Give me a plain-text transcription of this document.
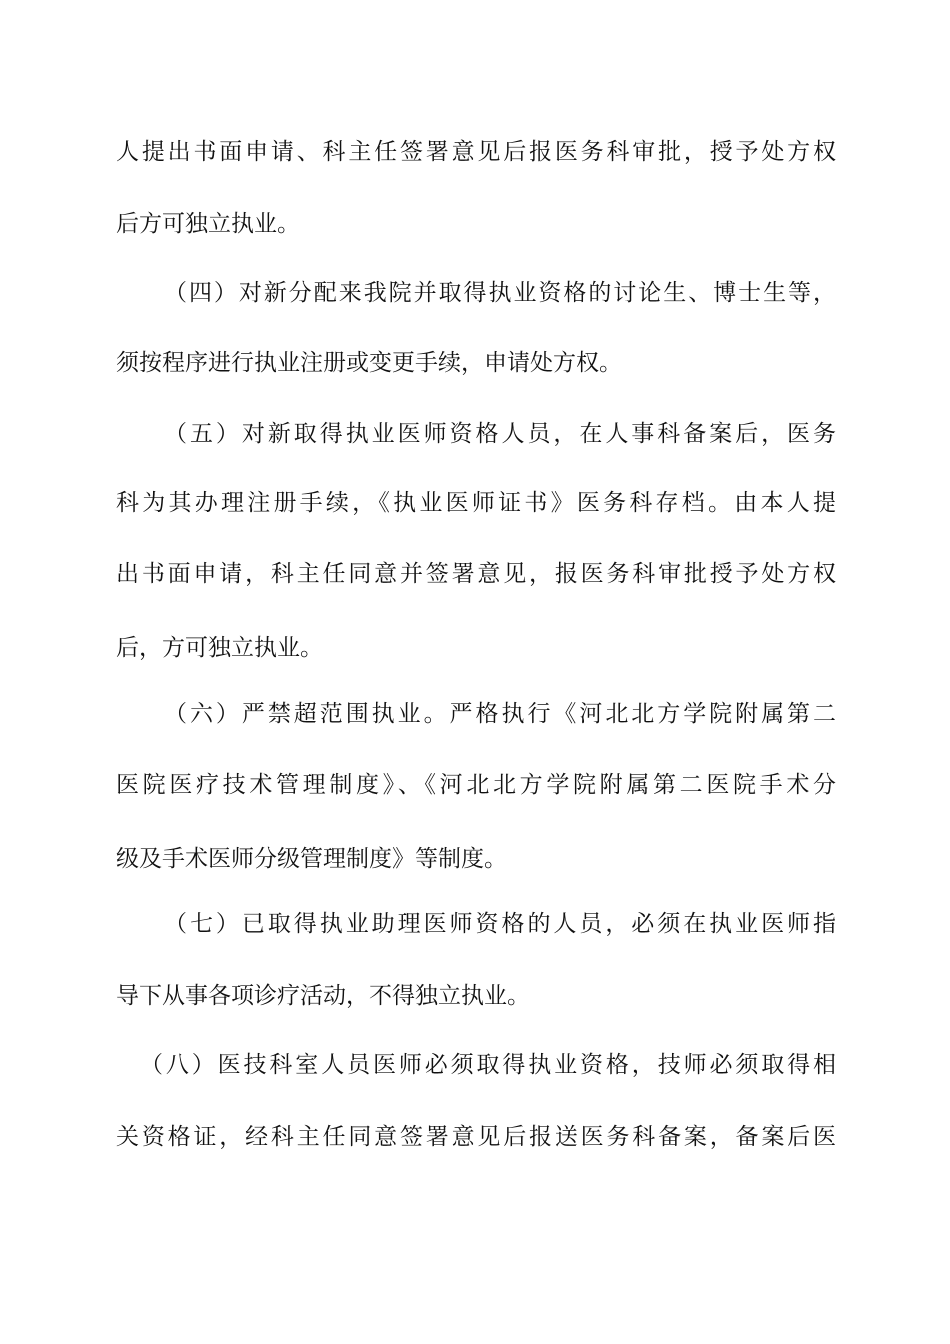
人提出书面申请、科主任签署意见后报医务科审批，授予处方权
后方可独立执业。
（四）对新分配来我院并取得执业资格的讨论生、博士生等，
须按程序进行执业注册或变更手续，申请处方权。
（五）对新取得执业医师资格人员，在人事科备案后，医务
科为其办理注册手续，《执业医师证书》医务科存档。由本人提
出书面申请，科主任同意并签署意见，报医务科审批授予处方权
后，方可独立执业。
（六）严禁超范围执业。严格执行《河北北方学院附属第二
医院医疗技术管理制度》、《河北北方学院附属第二医院手术分
级及手术医师分级管理制度》等制度。
（七）已取得执业助理医师资格的人员，必须在执业医师指
导下从事各项诊疗活动，不得独立执业。
（八）医技科室人员医师必须取得执业资格，技师必须取得相
关资格证，经科主任同意签署意见后报送医务科备案，备案后医
